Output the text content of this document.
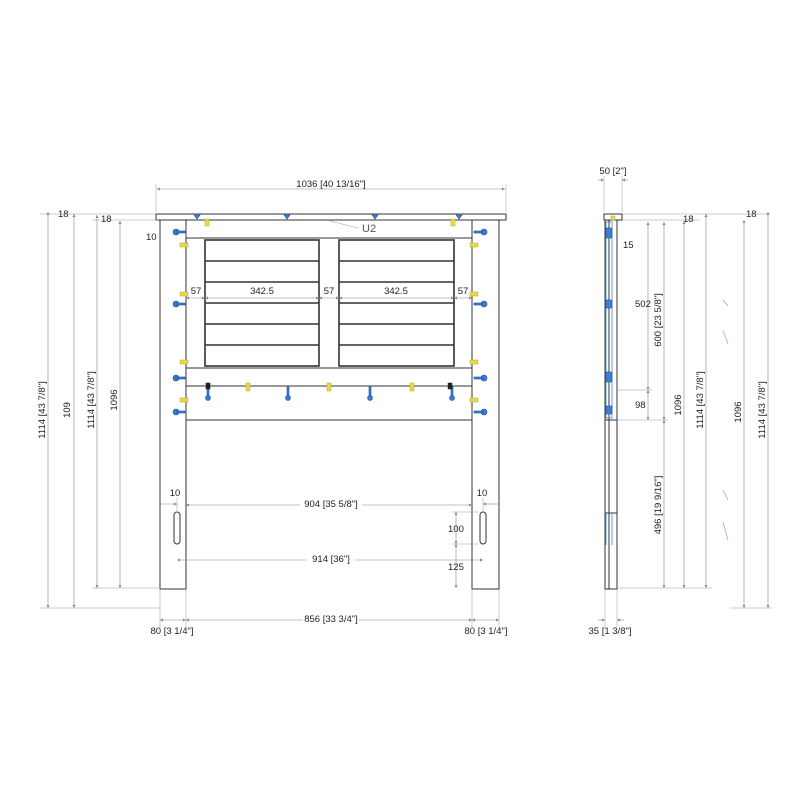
U2
1036 [40 13/16"]
18	18
10
1114 [43 7/8"] 109 1114 [43 7/8"] 1096
57	342.5	57	342.5	57
10	10
904 [35 5/8"]
100
125
914 [36"]
80 [3 1/4"]
856 [33 3/4"]
80 [3 1/4"]
50 [2"]
18	18
15
502 600 [23 5/8"]
98
496 [19 9/16"]
1096 1114 [43 7/8"]	1096 1114 [43 7/8"]
35 [1 3/8"]
